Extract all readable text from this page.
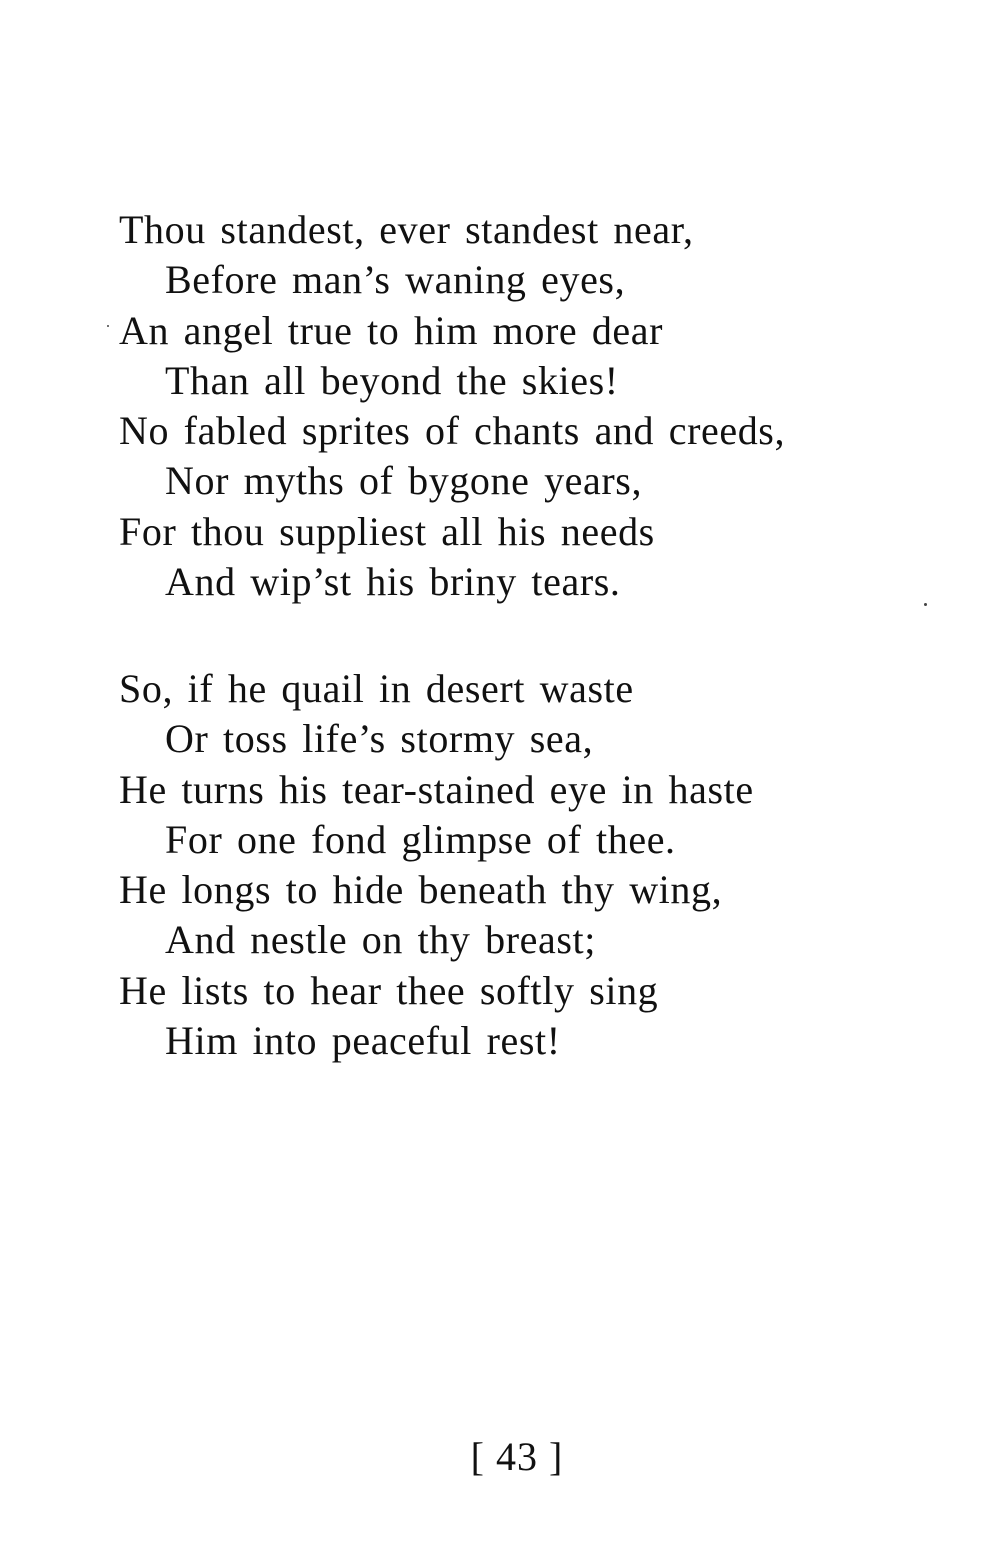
Thou standest, ever standest near,
Before man’s waning eyes,
An angel true to him more dear
Than all beyond the skies!
No fabled sprites of chants and creeds,
Nor myths of bygone years,
For thou suppliest all his needs
And wip’st his briny tears.
So, if he quail in desert waste
Or toss life’s stormy sea,
He turns his tear-stained eye in haste
For one fond glimpse of thee.
He longs to hide beneath thy wing,
And nestle on thy breast;
He lists to hear thee softly sing
Him into peaceful rest!
[ 43 ]
